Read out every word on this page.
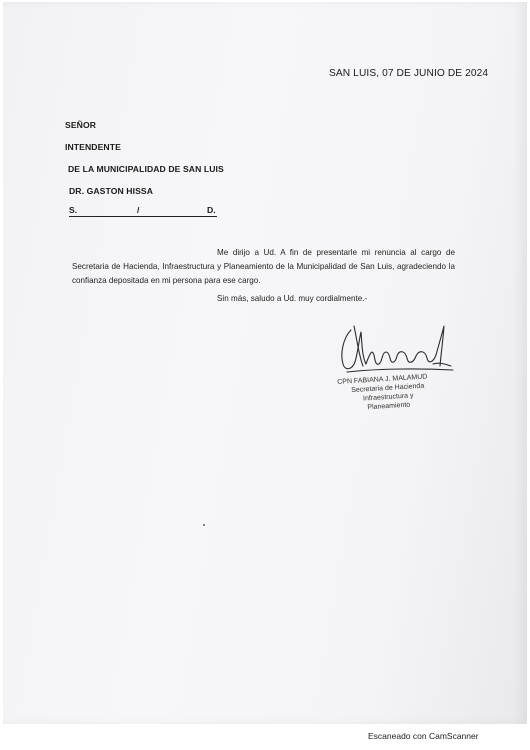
SAN LUIS, 07 DE JUNIO DE 2024
SEÑOR
INTENDENTE
DE LA MUNICIPALIDAD DE SAN LUIS
DR. GASTON HISSA
S.	/	D.
Me dirijo a Ud. A fin de presentarle mi renuncia al cargo de Secretaria de Hacienda, Infraestructura y Planeamiento de la Municipalidad de San Luis, agradeciendo la confianza depositada en mi persona para ese cargo.
Sin más, saludo a Ud. muy cordialmente.-
CPN FABIANA J. MALAMUD
Secretaria de Hacienda
Infraestructura y
Planeamiento
Escaneado con CamScanner
